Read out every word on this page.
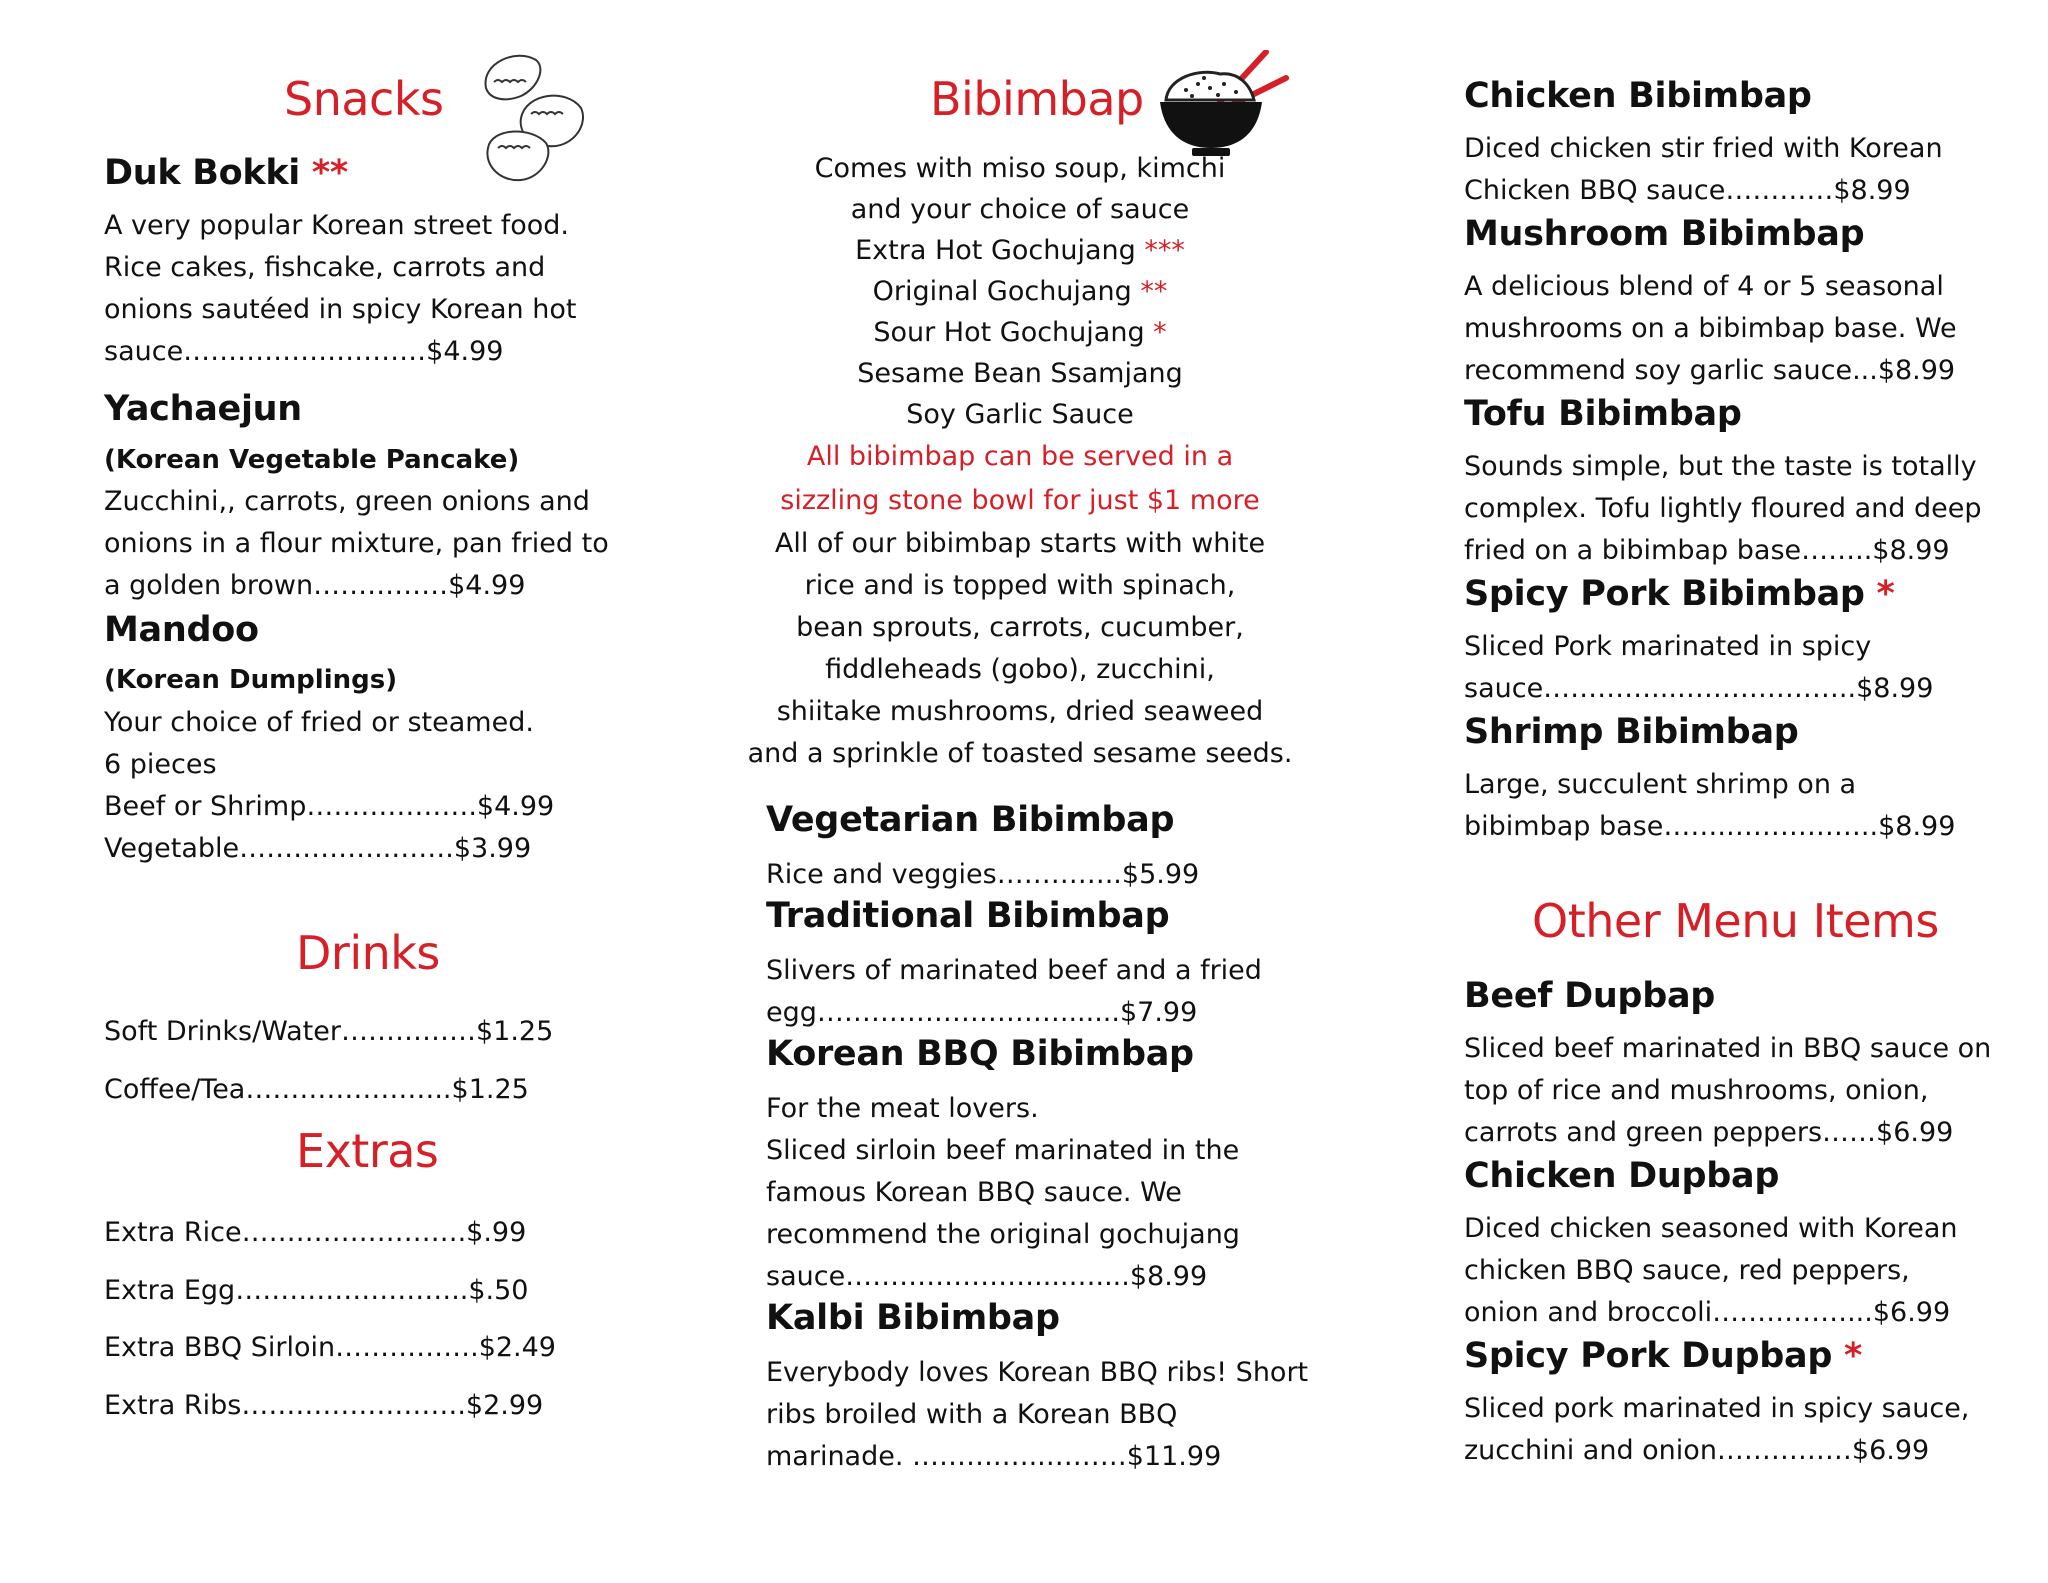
Snacks
Duk Bokki **
A very popular Korean street food.
Rice cakes, fishcake, carrots and
onions sautéed in spicy Korean hot
sauce………………………$4.99
Yachaejun
(Korean Vegetable Pancake)
Zucchini,, carrots, green onions and
onions in a flour mixture, pan fried to
a golden brown……………$4.99
Mandoo
(Korean Dumplings)
Your choice of fried or steamed.
6 pieces
Beef or Shrimp……………….$4.99
Vegetable……………..…….$3.99
Drinks
Soft Drinks/Water……………$1.25
Coffee/Tea…………………..$1.25
Extras
Extra Rice…………………….$.99
Extra Egg……………………..$.50
Extra BBQ Sirloin…………….$2.49
Extra Ribs…………………….$2.99
Bibimbap
Comes with miso soup, kimchi
and your choice of sauce
Extra Hot Gochujang ***
Original Gochujang **
Sour Hot Gochujang *
Sesame Bean Ssamjang
Soy Garlic Sauce
All bibimbap can be served in a
sizzling stone bowl for just $1 more
All of our bibimbap starts with white
rice and is topped with spinach,
bean sprouts, carrots, cucumber,
fiddleheads (gobo), zucchini,
shiitake mushrooms, dried seaweed
and a sprinkle of toasted sesame seeds.
Vegetarian Bibimbap
Rice and veggies…………..$5.99
Traditional Bibimbap
Slivers of marinated beef and a fried
egg……………………….......$7.99
Korean BBQ Bibimbap
For the meat lovers.
Sliced sirloin beef marinated in the
famous Korean BBQ sauce. We
recommend the original gochujang
sauce…………………....…....$8.99
Kalbi Bibimbap
Everybody loves Korean BBQ ribs! Short
ribs broiled with a Korean BBQ
marinade. ……….…..………$11.99
Chicken Bibimbap
Diced chicken stir fried with Korean
Chicken BBQ sauce…………$8.99
Mushroom Bibimbap
A delicious blend of 4 or 5 seasonal
mushrooms on a bibimbap base. We
recommend soy garlic sauce...$8.99
Tofu Bibimbap
Sounds simple, but the taste is totally
complex. Tofu lightly floured and deep
fried on a bibimbap base……..$8.99
Spicy Pork Bibimbap *
Sliced Pork marinated in spicy
sauce…………...………………..$8.99
Shrimp Bibimbap
Large, succulent shrimp on a
bibimbap base…….……………..$8.99
Other Menu Items
Beef Dupbap
Sliced beef marinated in BBQ sauce on
top of rice and mushrooms, onion,
carrots and green peppers……$6.99
Chicken Dupbap
Diced chicken seasoned with Korean
chicken BBQ sauce, red peppers,
onion and broccoli……………...$6.99
Spicy Pork Dupbap *
Sliced pork marinated in spicy sauce,
zucchini and onion……………$6.99
